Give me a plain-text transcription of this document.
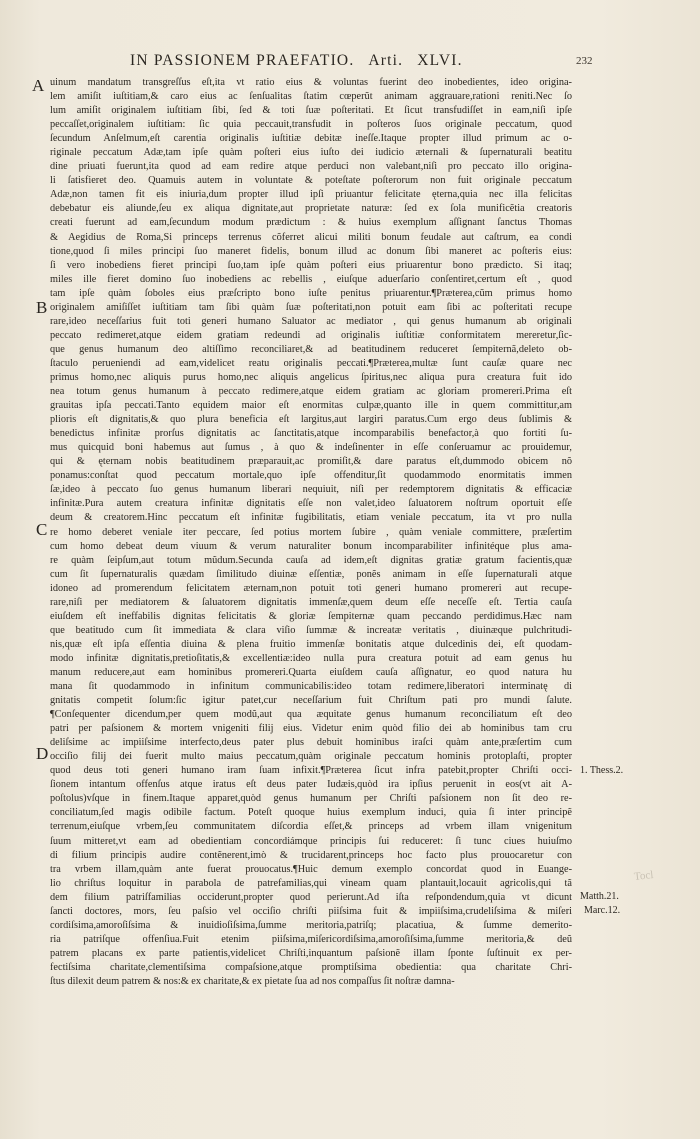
IN PASSIONEM PRAEFATIO. Arti. XLVI.	232
A
B
C
D
1. Thess.2.
Matth.21.
Marc.12.
Tocl
uinum mandatum transgreſſus eſt,ita vt ratio eius & voluntas fuerint deo inobedientes, ideo origina-
lem amiſit iuſtitiam,& caro eius ac ſenſualitas ſtatim cœperũt animam aggrauare,rationi reniti.Nec ſo
lum amiſit originalem iuſtitiam ſibi, ſed & toti ſuæ poſteritati. Et ſicut transfudiſſet in eam,niſi ipſe
peccaſſet,originalem iuſtitiam: ſic quia peccauit,transfudit in poſteros ſuos originale peccatum, quod
ſecundum Anſelmum,eſt carentia originalis iuſtitiæ debitæ ineſſe.Itaque propter illud primum ac o-
riginale peccatum Adæ,tam ipſe quàm poſteri eius iuſto dei iudicio æternali & ſupernaturali beatitu
dine priuati fuerunt,ita quod ad eam redire atque perduci non valebant,niſi pro peccato illo origina-
li ſatisfieret deo. Quamuis autem in voluntate & poteſtate poſterorum non fuit originale peccatum
Adæ,non tamen fit eis iniuria,dum propter illud ipſi priuantur felicitate ęterna,quia nec illa felicitas
debebatur eis aliunde,ſeu ex aliqua dignitate,aut proprietate naturæ: ſed ex ſola munificẽtia creatoris
creati fuerunt ad eam,ſecundum modum prædictum : & huius exemplum aſſignant ſanctus Thomas
& Aegidius de Roma,Si princeps terrenus cõferret alicui militi bonum feudale aut caſtrum, ea condi
tione,quod ſi miles principi ſuo maneret fidelis, bonum illud ac donum ſibi maneret ac poſteris eius:
ſi vero inobediens fieret principi ſuo,tam ipſe quàm poſteri eius priuarentur bono prædicto. Si itaq;
miles ille fieret domino ſuo inobediens ac rebellis , eiuſque aduerſario conſentiret,certum eſt , quod
tam ipſe quàm ſoboles eius præſcripto bono iuſte penitus priuarentur.¶Præterea,cũm primus homo
originalem amiſiſſet iuſtitiam tam ſibi quàm ſuæ poſteritati,non potuit eam ſibi ac poſteritati recupe
rare,ideo neceſſarius fuit toti generi humano Saluator ac mediator , qui genus humanum ab originali
peccato redimeret,atque eidem gratiam redeundi ad originalis iuſtitiæ conformitatem mereretur,ſic-
que genus humanum deo altiſſimo reconciliaret,& ad beatitudinem reduceret ſempiternã,deleto ob-
ſtaculo perueniendi ad eam,videlicet reatu originalis peccati.¶Præterea,multæ ſunt cauſæ quare nec
primus homo,nec aliquis purus homo,nec aliquis angelicus ſpiritus,nec aliqua pura creatura fuit ido
nea totum genus humanum à peccato redimere,atque eidem gratiam ac gloriam promereri.Prima eſt
grauitas ipſa peccati.Tanto equidem maior eſt enormitas culpæ,quanto ille in quem committitur,am
plioris eſt dignitatis,& quo plura beneficia eſt largitus,aut largiri paratus.Cum ergo deus ſublimis &
benedictus infinitæ prorſus dignitatis ac ſanctitatis,atque incomparabilis benefactor,à quo fortiti ſu-
mus quicquid boni habemus aut ſumus , à quo & indeſinenter in eſſe conſeruamur ac prouidemur,
qui & ęternam nobis beatitudinem præparauit,ac promiſit,& dare paratus eſt,dummodo obicem nõ
ponamus:conſtat quod peccatum mortale,quo ipſe offenditur,ſit quodammodo enormitatis immen
ſæ,ideo à peccato ſuo genus humanum liberari nequiuit, niſi per redemptorem dignitatis & efficaciæ
infinitæ.Pura autem creatura infinitæ dignitatis eſſe non valet,ideo ſaluatorem noſtrum oportuit eſſe
deum & creatorem.Hinc peccatum eſt infinitæ fugibilitatis, etiam veniale peccatum, ita vt pro nulla
re homo deberet veniale iter peccare, ſed potius mortem ſubire , quàm veniale committere, præſertim
cum homo debeat deum viuum & verum naturaliter bonum incomparabiliter infinitéque plus ama-
re quàm ſeipſum,aut totum mũdum.Secunda cauſa ad idem,eſt dignitas gratiæ gratum facientis,quæ
cum ſit ſupernaturalis quædam ſimilitudo diuinæ eſſentiæ, ponẽs animam in eſſe ſupernaturali atque
idoneo ad promerendum felicitatem æternam,non potuit toti generi humano promereri aut recupe-
rare,niſi per mediatorem & ſaluatorem dignitatis immenſæ,quem deum eſſe neceſſe eſt. Tertia cauſa
eiuſdem eſt ineffabilis dignitas felicitatis & gloriæ ſempiternæ quam peccando perdidimus.Hæc nam
que beatitudo cum ſit immediata & clara viſio ſummæ & increatæ veritatis , diuinæque pulchritudi-
nis,quæ eſt ipſa eſſentia diuina & plena fruitio immenſæ bonitatis atque dulcedinis dei, eſt quodam-
modo infinitæ dignitatis,pretioſitatis,& excellentiæ:ideo nulla pura creatura potuit ad eam genus hu
manum reducere,aut eam hominibus promereri.Quarta eiuſdem cauſa aſſignatur, eo quod natura hu
mana ſit quodammodo in infinitum communicabilis:ideo totam redimere,liberatori interminatę di
gnitatis competit ſolum:ſic igitur patet,cur neceſſarium fuit Chriſtum pati pro mundi ſalute.
¶Conſequenter dicendum,per quem modũ,aut qua æquitate genus humanum reconciliatum eſt deo
patri per paſsionem & mortem vnigeniti filij eius. Videtur enim quòd filio dei ab hominibus tam cru
deliſsime ac impiiſsime interfecto,deus pater plus debuit hominibus iraſci quàm ante,præſertim cum
occiſio filij dei fuerit multo maius peccatum,quàm originale peccatum hominis protoplaſti, propter
quod deus toti generi humano iram ſuam infixit.¶Præterea ſicut infra patebit,propter Chriſti occi-
ſionem intantum offenſus atque iratus eſt deus pater Iudæis,quòd ira ipſius peruenit in eos(vt ait A-
poſtolus)vſque in finem.Itaque apparet,quòd genus humanum per Chriſti paſsionem non ſit deo re-
conciliatum,ſed magis odibile factum. Poteſt quoque huius exemplum induci, quia ſi inter principẽ
terrenum,eiuſque vrbem,ſeu communitatem diſcordia eſſet,& princeps ad vrbem illam vnigenitum
ſuum mitteret,vt eam ad obedientiam concordiámque principis ſui reduceret: ſi tunc ciues huiuſmo
di filium principis audire contẽnerent,imò & trucidarent,princeps hoc facto plus prouocaretur con
tra vrbem illam,quàm ante fuerat prouocatus.¶Huic demum exemplo concordat quod in Euange-
lio chriſtus loquitur in parabola de patrefamilias,qui vineam quam plantauit,locauit agricolis,qui tã
dem filium patriſfamilias occiderunt,propter quod perierunt.Ad iſta reſpondendum,quia vt dicunt
ſancti doctores, mors, ſeu paſsio vel occiſio chriſti piiſsima fuit & impiiſsima,crudeliſsima & miſeri
cordiſsima,amoroſiſsima & inuidioſiſsima,ſumme meritoria,patriſq; placatiua, & ſumme demerito-
ria patriſque offenſiua.Fuit etenim piiſsima,miſericordiſsima,amoroſiſsima,ſumme meritoria,& deũ
patrem placans ex parte patientis,videlicet Chriſti,inquantum paſsionẽ illam ſponte ſuſtinuit ex per-
fectiſsima charitate,clementiſsima compaſsione,atque promptiſsima obedientia: qua charitate Chri-
ſtus dilexit deum patrem & nos:& ex charitate,& ex pietate ſua ad nos compaſſus ſit noſtræ damna-
